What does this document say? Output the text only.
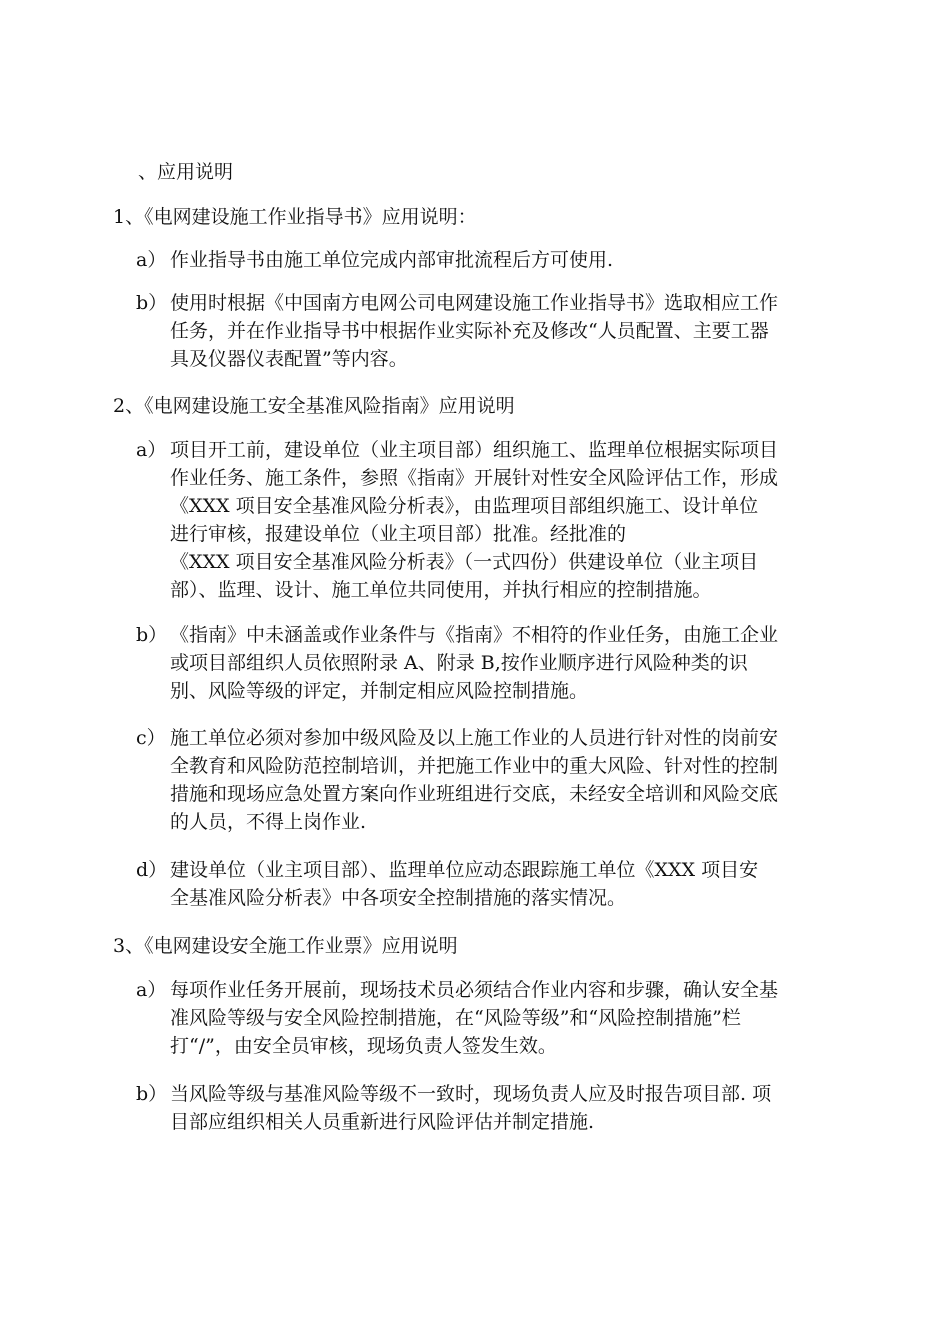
、应用说明
1、《电网建设施工作业指导书》应用说明：
a） 作业指导书由施工单位完成内部审批流程后方可使用.
b） 使用时根据《中国南方电网公司电网建设施工作业指导书》选取相应工作
任务，并在作业指导书中根据作业实际补充及修改“人员配置、主要工器
具及仪器仪表配置”等内容。
2、《电网建设施工安全基准风险指南》应用说明
a） 项目开工前，建设单位（业主项目部）组织施工、监理单位根据实际项目
作业任务、施工条件，参照《指南》开展针对性安全风险评估工作，形成
《XXX 项目安全基准风险分析表》，由监理项目部组织施工、设计单位
进行审核，报建设单位（业主项目部）批准。经批准的
《XXX 项目安全基准风险分析表》（一式四份）供建设单位（业主项目
部）、监理、设计、施工单位共同使用，并执行相应的控制措施。
b） 《指南》中未涵盖或作业条件与《指南》不相符的作业任务，由施工企业
或项目部组织人员依照附录 A、附录 B,按作业顺序进行风险种类的识
别、风险等级的评定，并制定相应风险控制措施。
c） 施工单位必须对参加中级风险及以上施工作业的人员进行针对性的岗前安
全教育和风险防范控制培训，并把施工作业中的重大风险、针对性的控制
措施和现场应急处置方案向作业班组进行交底，未经安全培训和风险交底
的人员，不得上岗作业.
d） 建设单位（业主项目部）、监理单位应动态跟踪施工单位《XXX 项目安
全基准风险分析表》中各项安全控制措施的落实情况。
3、《电网建设安全施工作业票》应用说明
a） 每项作业任务开展前，现场技术员必须结合作业内容和步骤，确认安全基
准风险等级与安全风险控制措施，在“风险等级”和“风险控制措施”栏
打“/”，由安全员审核，现场负责人签发生效。
b） 当风险等级与基准风险等级不一致时，现场负责人应及时报告项目部. 项
目部应组织相关人员重新进行风险评估并制定措施.
